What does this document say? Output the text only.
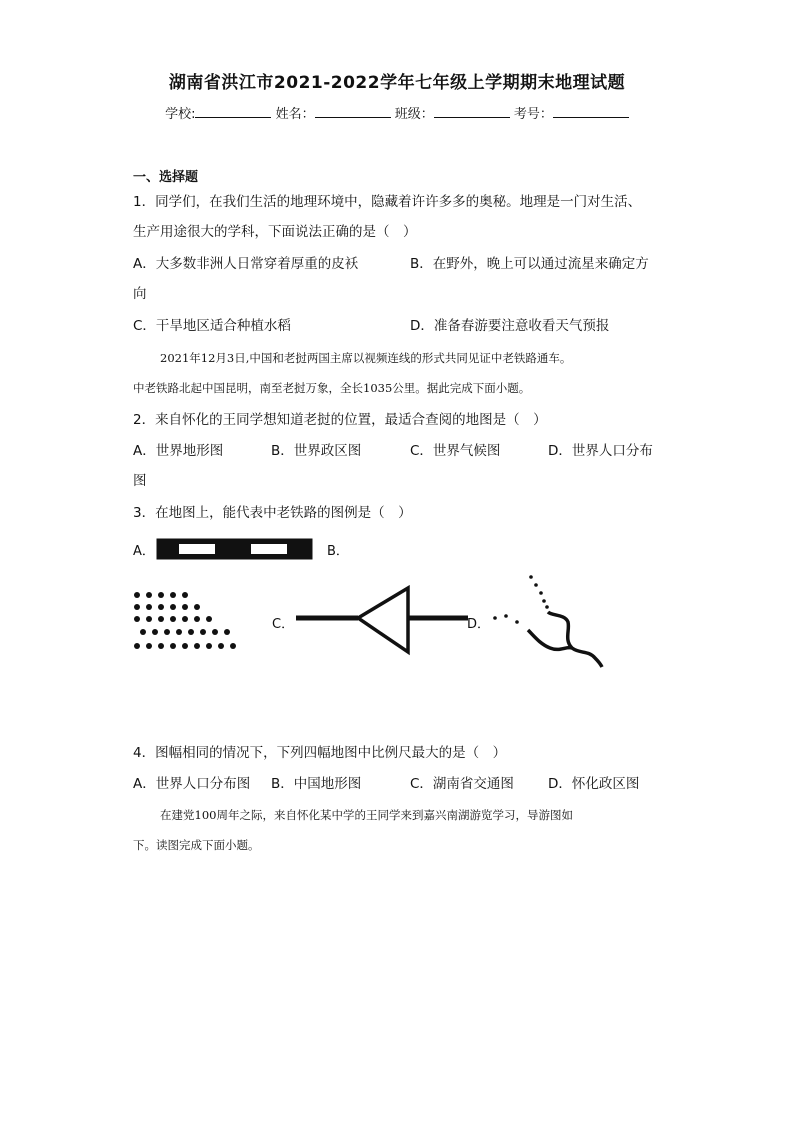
湖南省洪江市2021-2022学年七年级上学期期末地理试题
学校:	姓名：	班级：	考号：
一、选择题
1．同学们，在我们生活的地理环境中，隐藏着许许多多的奥秘。地理是一门对生活、
生产用途很大的学科，下面说法正确的是（　）
A．大多数非洲人日常穿着厚重的皮袄	B．在野外，晚上可以通过流星来确定方
向
C．干旱地区适合种植水稻	D．准备春游要注意收看天气预报
2021年12月3日,中国和老挝两国主席以视频连线的形式共同见证中老铁路通车。
中老铁路北起中国昆明，南至老挝万象，全长1035公里。据此完成下面小题。
2．来自怀化的王同学想知道老挝的位置，最适合查阅的地图是（　）
A．世界地形图	B．世界政区图	C．世界气候图	D．世界人口分布
图
3．在地图上，能代表中老铁路的图例是（　）
A．	B．
C．	D．
4．图幅相同的情况下，下列四幅地图中比例尺最大的是（　）
A．世界人口分布图 B．中国地形图	C．湖南省交通图	D．怀化政区图
在建党100周年之际，来自怀化某中学的王同学来到嘉兴南湖游览学习，导游图如
下。读图完成下面小题。
